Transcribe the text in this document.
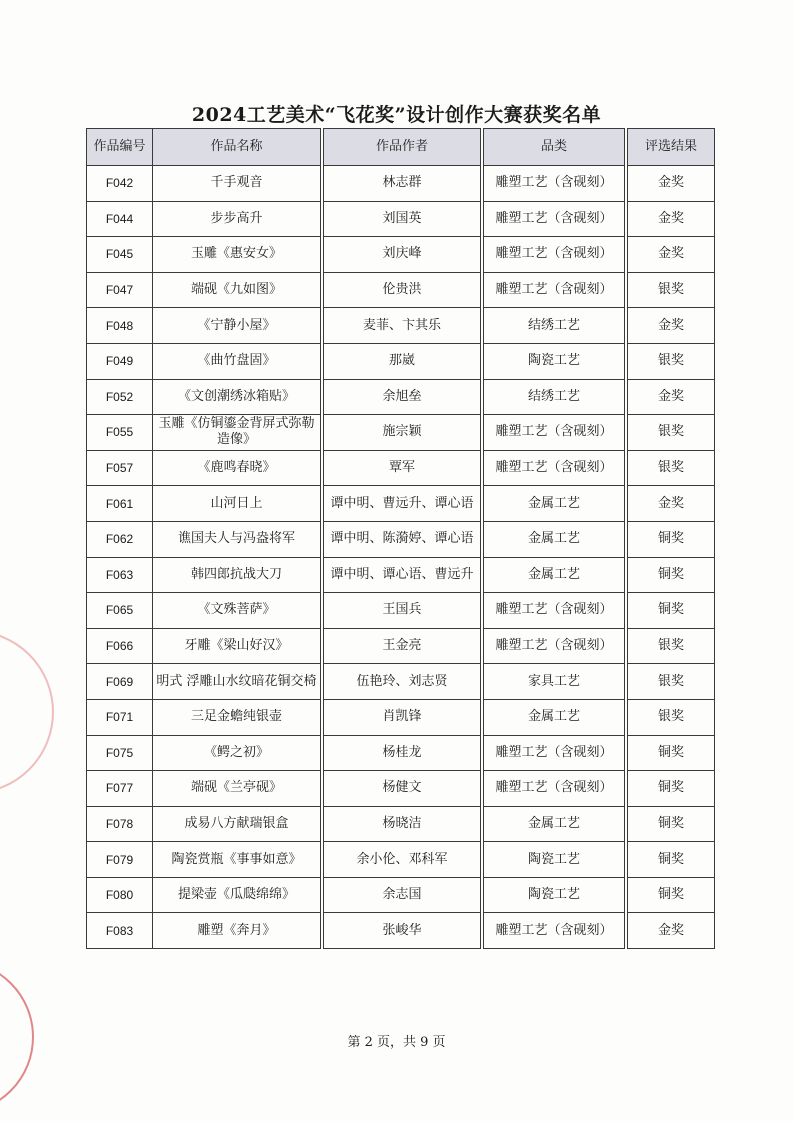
2024工艺美术“飞花奖”设计创作大赛获奖名单
作品编号	作品名称		作品作者		品类		评选结果
F042	千手观音		林志群		雕塑工艺（含砚刻）		金奖
F044	步步高升		刘国英		雕塑工艺（含砚刻）		金奖
F045	玉雕《惠安女》		刘庆峰		雕塑工艺（含砚刻）		金奖
F047	端砚《九如图》		伦贵洪		雕塑工艺（含砚刻）		银奖
F048	《宁静小屋》		麦菲、卞其乐		结绣工艺		金奖
F049	《曲竹盘固》		那崴		陶瓷工艺		银奖
F052	《文创潮绣冰箱贴》		余旭垒		结绣工艺		金奖
F055	玉雕《仿铜鎏金背屏式弥勒造像》		施宗颖		雕塑工艺（含砚刻）		银奖
F057	《鹿鸣春晓》		覃军		雕塑工艺（含砚刻）		银奖
F061	山河日上		谭中明、曹远升、谭心语		金属工艺		金奖
F062	谯国夫人与冯盎将军		谭中明、陈漪婷、谭心语		金属工艺		铜奖
F063	韩四郎抗战大刀		谭中明、谭心语、曹远升		金属工艺		铜奖
F065	《文殊菩萨》		王国兵		雕塑工艺（含砚刻）		铜奖
F066	牙雕《梁山好汉》		王金亮		雕塑工艺（含砚刻）		银奖
F069	明式 浮雕山水纹暗花铜交椅		伍艳玲、刘志贤		家具工艺		银奖
F071	三足金蟾纯银壶		肖凯锋		金属工艺		银奖
F075	《鳄之初》		杨桂龙		雕塑工艺（含砚刻）		铜奖
F077	端砚《兰亭砚》		杨健文		雕塑工艺（含砚刻）		铜奖
F078	成易八方献瑞银盒		杨晓洁		金属工艺		铜奖
F079	陶瓷赏瓶《事事如意》		余小伦、邓科军		陶瓷工艺		铜奖
F080	提梁壶《瓜瓞绵绵》		余志国		陶瓷工艺		铜奖
F083	雕塑《奔月》		张峻华		雕塑工艺（含砚刻）		金奖
第 2 页，共 9 页
